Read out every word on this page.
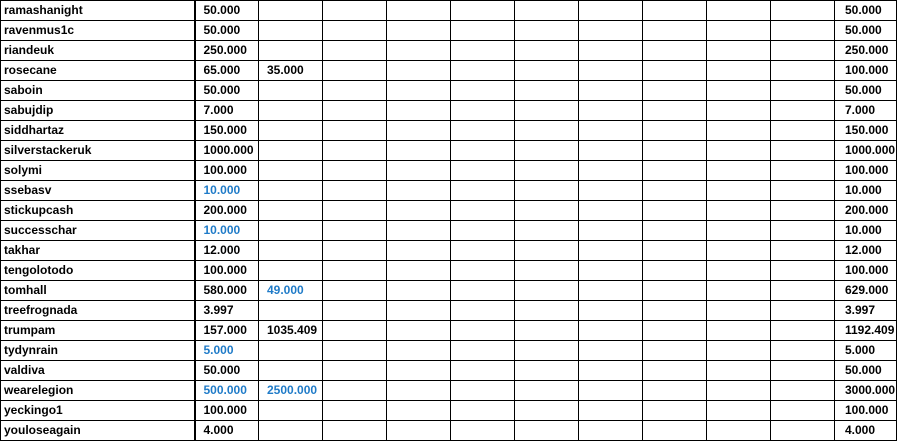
ramashanight	50.000										50.000
ravenmus1c	50.000										50.000
riandeuk	250.000										250.000
rosecane	65.000	35.000									100.000
saboin	50.000										50.000
sabujdip	7.000										7.000
siddhartaz	150.000										150.000
silverstackeruk	1000.000										1000.000
solymi	100.000										100.000
ssebasv	10.000										10.000
stickupcash	200.000										200.000
successchar	10.000										10.000
takhar	12.000										12.000
tengolotodo	100.000										100.000
tomhall	580.000	49.000									629.000
treefrognada	3.997										3.997
trumpam	157.000	1035.409									1192.409
tydynrain	5.000										5.000
valdiva	50.000										50.000
wearelegion	500.000	2500.000									3000.000
yeckingo1	100.000										100.000
youloseagain	4.000										4.000
